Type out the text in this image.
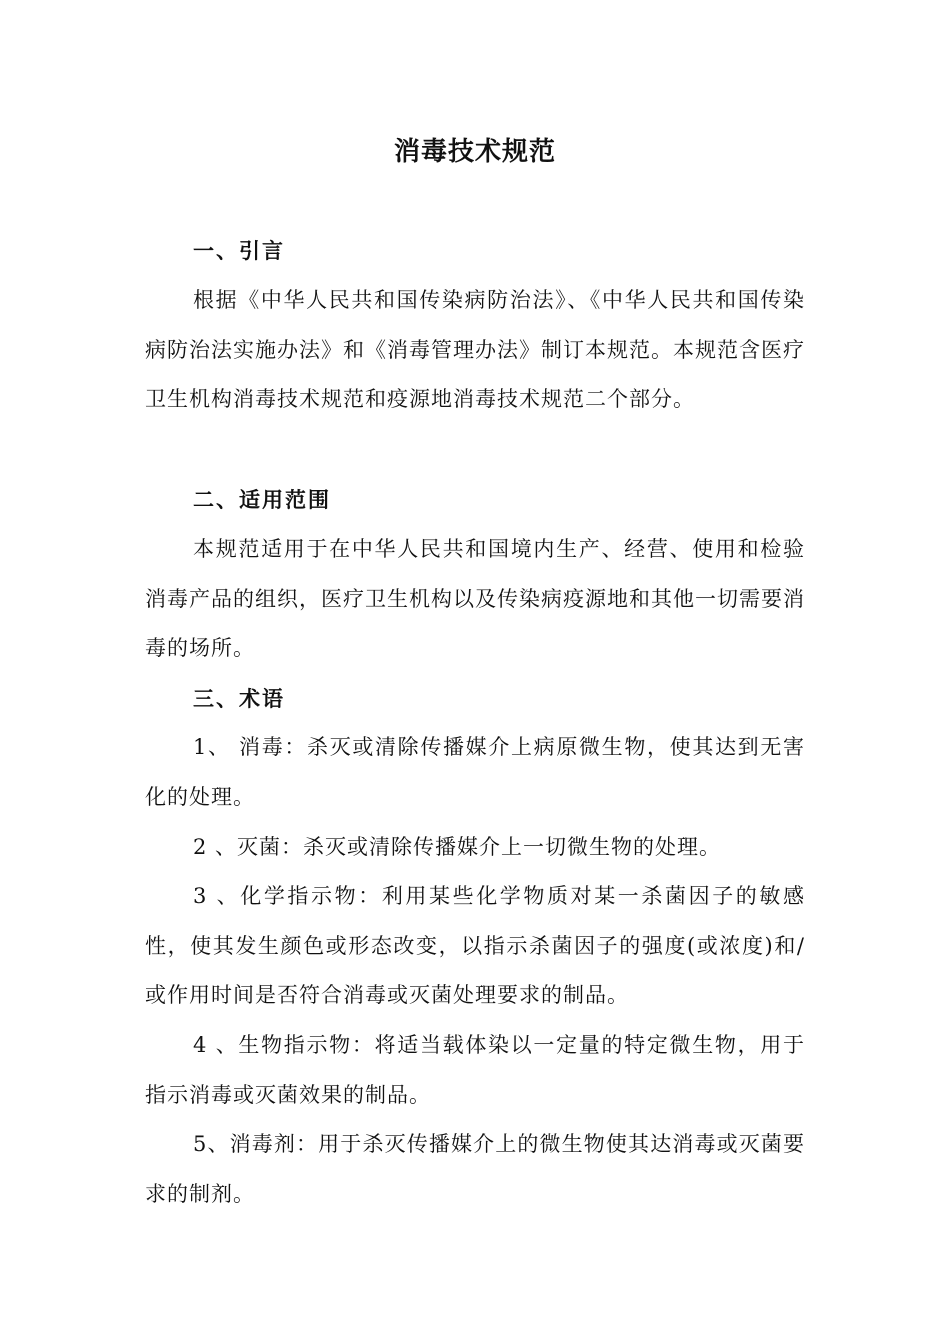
消毒技术规范
一、引言

根据《中华人民共和国传染病防治法》、《中华人民共和国传染病防治法实施办法》和《消毒管理办法》制订本规范。本规范含医疗卫生机构消毒技术规范和疫源地消毒技术规范二个部分。

二、适用范围

本规范适用于在中华人民共和国境内生产、经营、使用和检验消毒产品的组织，医疗卫生机构以及传染病疫源地和其他一切需要消毒的场所。

三、术语

1、 消毒：杀灭或清除传播媒介上病原微生物，使其达到无害化的处理。

2 、灭菌：杀灭或清除传播媒介上一切微生物的处理。

3 、化学指示物：利用某些化学物质对某一杀菌因子的敏感性，使其发生颜色或形态改变，以指示杀菌因子的强度(或浓度)和/或作用时间是否符合消毒或灭菌处理要求的制品。

4 、生物指示物：将适当载体染以一定量的特定微生物，用于指示消毒或灭菌效果的制品。

5、消毒剂：用于杀灭传播媒介上的微生物使其达消毒或灭菌要求的制剂。
